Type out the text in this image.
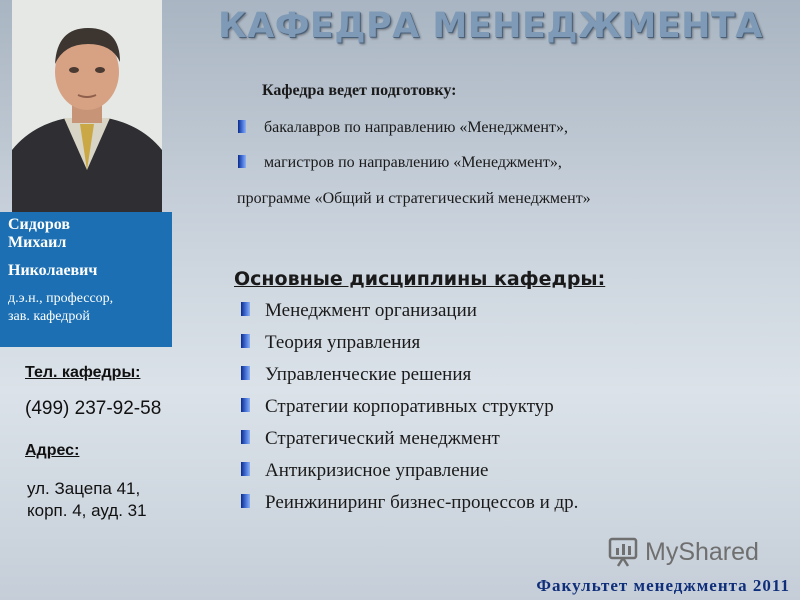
Сидоров
Михаил
Николаевич
д.э.н., профессор,
зав. кафедрой
КАФЕДРА МЕНЕДЖМЕНТА
Кафедра ведет подготовку:
бакалавров по направлению «Менеджмент»,
магистров по направлению «Менеджмент»,
программе «Общий и стратегический менеджмент»
Основные дисциплины кафедры:
Менеджмент организации
Теория управления
Управленческие решения
Стратегии корпоративных структур
Стратегический менеджмент
Антикризисное управление
Реинжиниринг бизнес-процессов и др.
Тел. кафедры:
(499) 237-92-58
Адрес:
ул. Зацепа 41,
корп. 4, ауд. 31
MyShared
Факультет менеджмента 2011
